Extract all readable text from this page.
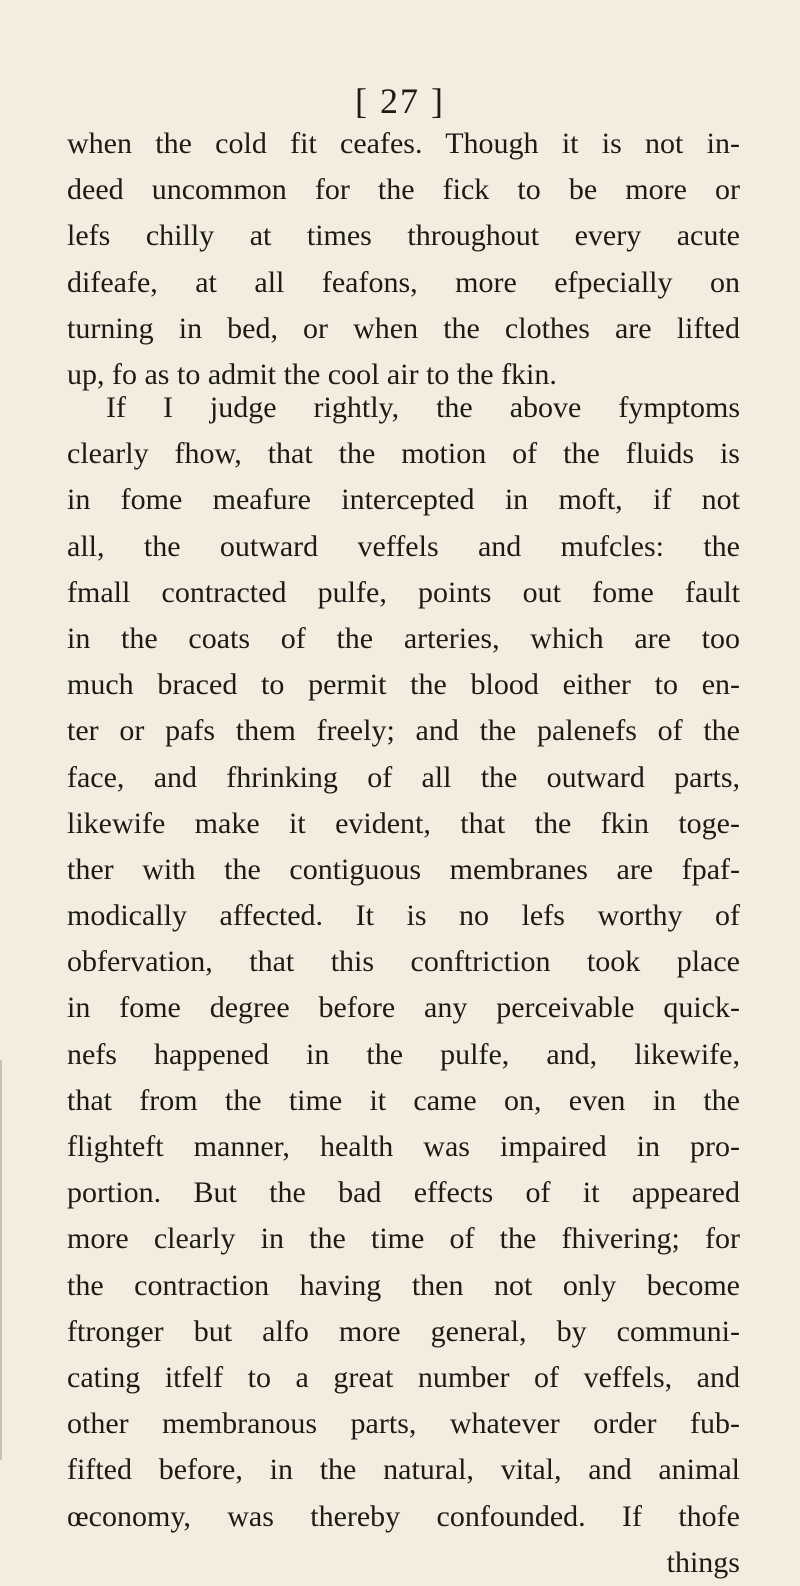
[ 27 ]
when the cold fit ceafes. Though it is not in-
deed uncommon for the fick to be more or
lefs chilly at times throughout every acute
difeafe, at all feafons, more efpecially on
turning in bed, or when the clothes are lifted
up, fo as to admit the cool air to the fkin.
If I judge rightly, the above fymptoms
clearly fhow, that the motion of the fluids is
in fome meafure intercepted in moft, if not
all, the outward veffels and mufcles: the
fmall contracted pulfe, points out fome fault
in the coats of the arteries, which are too
much braced to permit the blood either to en-
ter or pafs them freely; and the palenefs of the
face, and fhrinking of all the outward parts,
likewife make it evident, that the fkin toge-
ther with the contiguous membranes are fpaf-
modically affected. It is no lefs worthy of
obfervation, that this conftriction took place
in fome degree before any perceivable quick-
nefs happened in the pulfe, and, likewife,
that from the time it came on, even in the
flighteft manner, health was impaired in pro-
portion. But the bad effects of it appeared
more clearly in the time of the fhivering; for
the contraction having then not only become
ftronger but alfo more general, by communi-
cating itfelf to a great number of veffels, and
other membranous parts, whatever order fub-
fifted before, in the natural, vital, and animal
œconomy, was thereby confounded. If thofe
things
